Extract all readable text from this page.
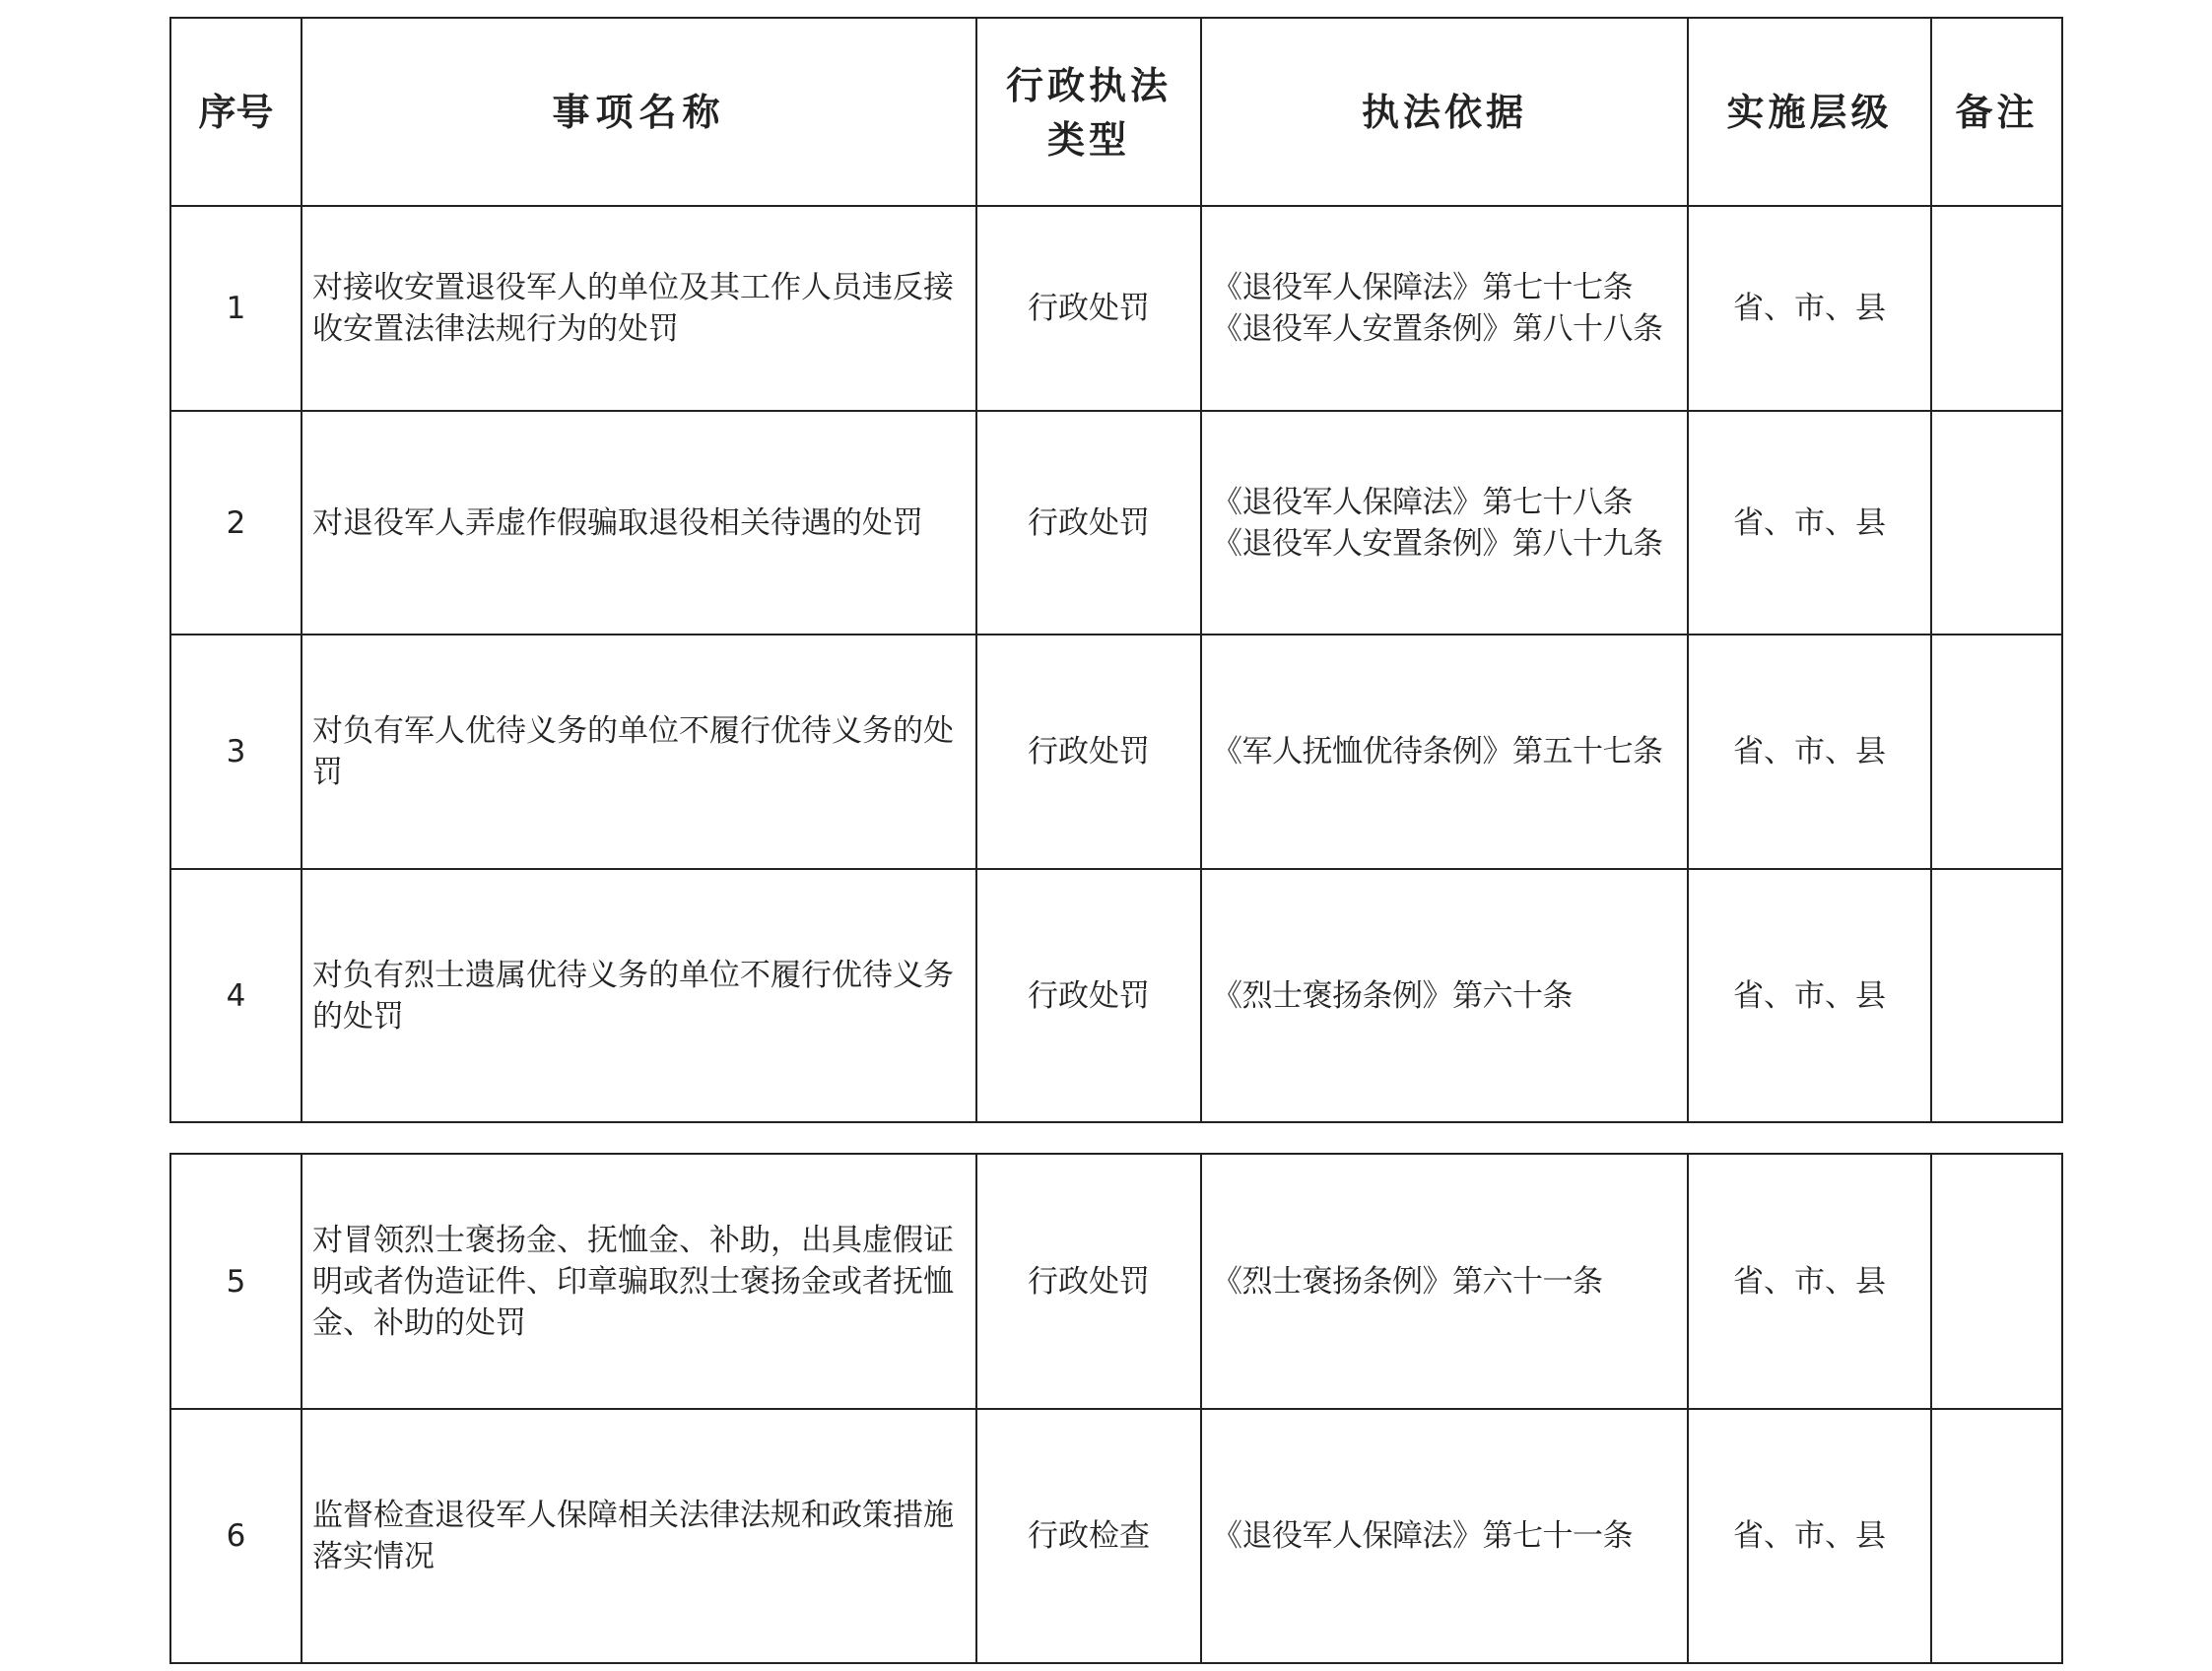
序号	事项名称	行政执法类型	执法依据	实施层级	备注
1	对接收安置退役军人的单位及其工作人员违反接收安置法律法规行为的处罚	行政处罚	《退役军人保障法》第七十七条
《退役军人安置条例》第八十八条	省、市、县	
2	对退役军人弄虚作假骗取退役相关待遇的处罚	行政处罚	《退役军人保障法》第七十八条
《退役军人安置条例》第八十九条	省、市、县	
3	对负有军人优待义务的单位不履行优待义务的处罚	行政处罚	《军人抚恤优待条例》第五十七条	省、市、县	
4	对负有烈士遗属优待义务的单位不履行优待义务的处罚	行政处罚	《烈士褒扬条例》第六十条	省、市、县	
5	对冒领烈士褒扬金、抚恤金、补助，出具虚假证明或者伪造证件、印章骗取烈士褒扬金或者抚恤金、补助的处罚	行政处罚	《烈士褒扬条例》第六十一条	省、市、县	
6	监督检查退役军人保障相关法律法规和政策措施落实情况	行政检查	《退役军人保障法》第七十一条	省、市、县	
